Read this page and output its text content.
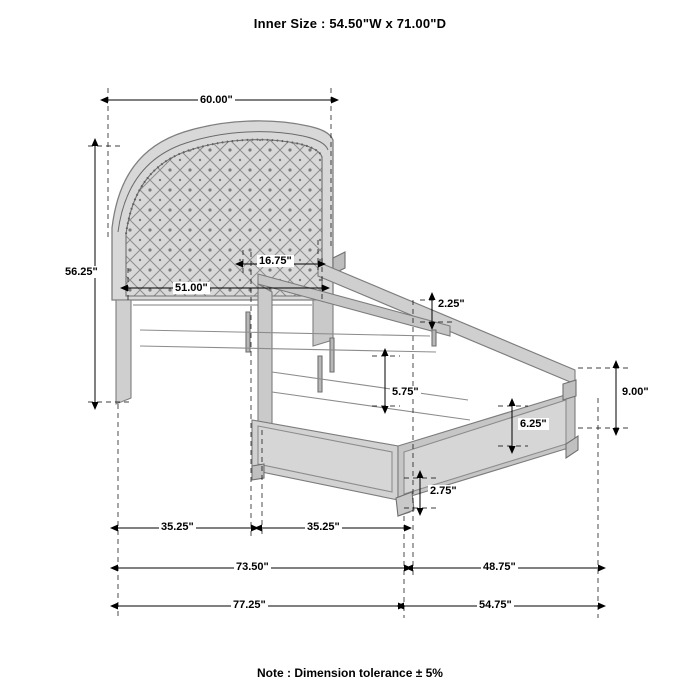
Inner Size : 54.50"W x 71.00"D
60.00"
56.25"
51.00"
16.75"
2.25"
5.75"
6.25"
9.00"
2.75"
35.25"	35.25"
73.50"	48.75"
77.25"	54.75"
Note : Dimension tolerance ± 5%
